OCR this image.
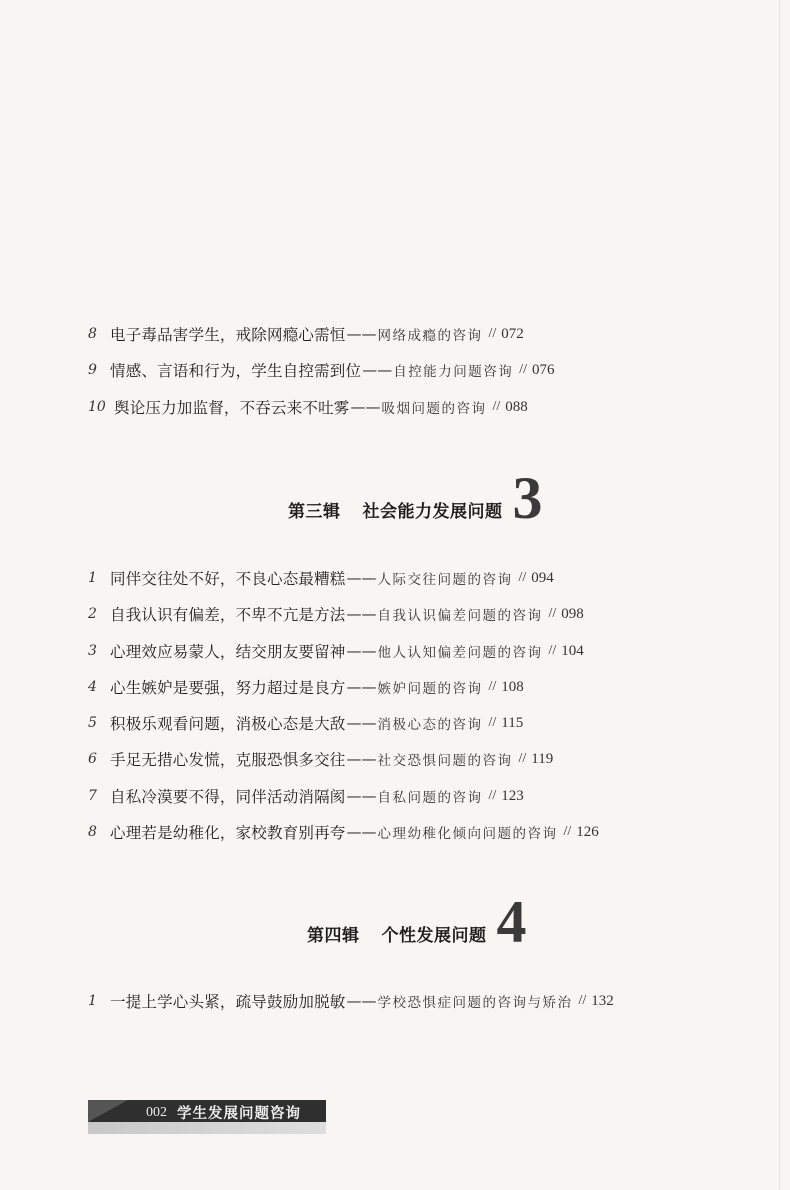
8 电子毒品害学生，戒除网瘾心需恒 —— 网络成瘾的咨询 // 072
9 情感、言语和行为，学生自控需到位 —— 自控能力问题咨询 // 076
10 舆论压力加监督，不吞云来不吐雾 —— 吸烟问题的咨询 // 088
第三辑 社会能力发展问题 3
1 同伴交往处不好，不良心态最糟糕 —— 人际交往问题的咨询 // 094
2 自我认识有偏差，不卑不亢是方法 —— 自我认识偏差问题的咨询 // 098
3 心理效应易蒙人，结交朋友要留神 —— 他人认知偏差问题的咨询 // 104
4 心生嫉妒是要强，努力超过是良方 —— 嫉妒问题的咨询 // 108
5 积极乐观看问题，消极心态是大敌 —— 消极心态的咨询 // 115
6 手足无措心发慌，克服恐惧多交往 —— 社交恐惧问题的咨询 // 119
7 自私冷漠要不得，同伴活动消隔阂 —— 自私问题的咨询 // 123
8 心理若是幼稚化，家校教育别再夸 —— 心理幼稚化倾向问题的咨询 // 126
第四辑 个性发展问题 4
1 一提上学心头紧，疏导鼓励加脱敏 —— 学校恐惧症问题的咨询与矫治 // 132
002 学生发展问题咨询
